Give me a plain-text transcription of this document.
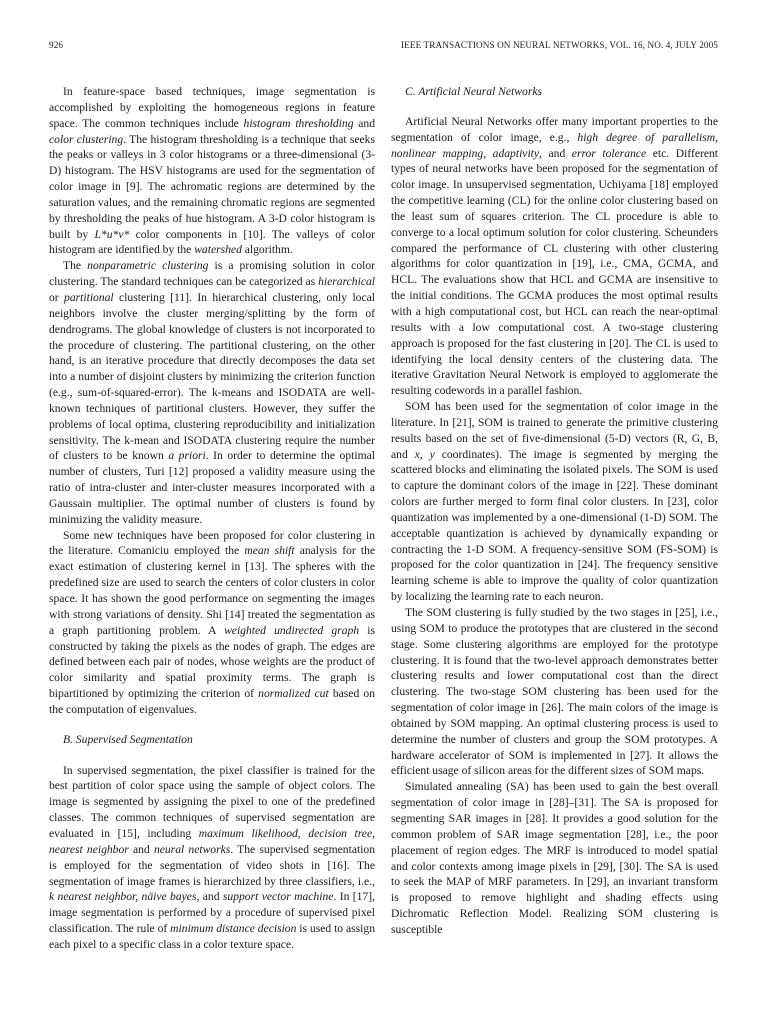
926	IEEE TRANSACTIONS ON NEURAL NETWORKS, VOL. 16, NO. 4, JULY 2005

In feature-space based techniques, image segmentation is accomplished by exploiting the homogeneous regions in feature space. The common techniques include histogram thresholding and color clustering. The histogram thresholding is a technique that seeks the peaks or valleys in 3 color histograms or a three-dimensional (3-D) histogram. The HSV histograms are used for the segmentation of color image in [9]. The achromatic regions are determined by the saturation values, and the remaining chromatic regions are segmented by thresholding the peaks of hue histogram. A 3-D color histogram is built by L*u*v* color components in [10]. The valleys of color histogram are identified by the watershed algorithm.

The nonparametric clustering is a promising solution in color clustering. The standard techniques can be categorized as hierarchical or partitional clustering [11]. In hierarchical clustering, only local neighbors involve the cluster merging/splitting by the form of dendrograms. The global knowledge of clusters is not incorporated to the procedure of clustering. The partitional clustering, on the other hand, is an iterative procedure that directly decomposes the data set into a number of disjoint clusters by minimizing the criterion function (e.g., sum-of-squared-error). The k-means and ISODATA are well-known techniques of partitional clusters. However, they suffer the problems of local optima, clustering reproducibility and initialization sensitivity. The k-mean and ISODATA clustering require the number of clusters to be known a priori. In order to determine the optimal number of clusters, Turi [12] proposed a validity measure using the ratio of intra-cluster and inter-cluster measures incorporated with a Gaussain multiplier. The optimal number of clusters is found by minimizing the validity measure.

Some new techniques have been proposed for color clustering in the literature. Comaniciu employed the mean shift analysis for the exact estimation of clustering kernel in [13]. The spheres with the predefined size are used to search the centers of color clusters in color space. It has shown the good performance on segmenting the images with strong variations of density. Shi [14] treated the segmentation as a graph partitioning problem. A weighted undirected graph is constructed by taking the pixels as the nodes of graph. The edges are defined between each pair of nodes, whose weights are the product of color similarity and spatial proximity terms. The graph is bipartitioned by optimizing the criterion of normalized cut based on the computation of eigenvalues.

B. Supervised Segmentation

In supervised segmentation, the pixel classifier is trained for the best partition of color space using the sample of object colors. The image is segmented by assigning the pixel to one of the predefined classes. The common techniques of supervised segmentation are evaluated in [15], including maximum likelihood, decision tree, nearest neighbor and neural networks. The supervised segmentation is employed for the segmentation of video shots in [16]. The segmentation of image frames is hierarchized by three classifiers, i.e., k nearest neighbor, näive bayes, and support vector machine. In [17], image segmentation is performed by a procedure of supervised pixel classification. The rule of minimum distance decision is used to assign each pixel to a specific class in a color texture space.

C. Artificial Neural Networks

Artificial Neural Networks offer many important properties to the segmentation of color image, e.g., high degree of parallelism, nonlinear mapping, adaptivity, and error tolerance etc. Different types of neural networks have been proposed for the segmentation of color image. In unsupervised segmentation, Uchiyama [18] employed the competitive learning (CL) for the online color clustering based on the least sum of squares criterion. The CL procedure is able to converge to a local optimum solution for color clustering. Scheunders compared the performance of CL clustering with other clustering algorithms for color quantization in [19], i.e., CMA, GCMA, and HCL. The evaluations show that HCL and GCMA are insensitive to the initial conditions. The GCMA produces the most optimal results with a high computational cost, but HCL can reach the near-optimal results with a low computational cost. A two-stage clustering approach is proposed for the fast clustering in [20]. The CL is used to identifying the local density centers of the clustering data. The iterative Gravitation Neural Network is employed to agglomerate the resulting codewords in a parallel fashion.

SOM has been used for the segmentation of color image in the literature. In [21], SOM is trained to generate the primitive clustering results based on the set of five-dimensional (5-D) vectors (R, G, B, and x, y coordinates). The image is segmented by merging the scattered blocks and eliminating the isolated pixels. The SOM is used to capture the dominant colors of the image in [22]. These dominant colors are further merged to form final color clusters. In [23], color quantization was implemented by a one-dimensional (1-D) SOM. The acceptable quantization is achieved by dynamically expanding or contracting the 1-D SOM. A frequency-sensitive SOM (FS-SOM) is proposed for the color quantization in [24]. The frequency sensitive learning scheme is able to improve the quality of color quantization by localizing the learning rate to each neuron.

The SOM clustering is fully studied by the two stages in [25], i.e., using SOM to produce the prototypes that are clustered in the second stage. Some clustering algorithms are employed for the prototype clustering. It is found that the two-level approach demonstrates better clustering results and lower computational cost than the direct clustering. The two-stage SOM clustering has been used for the segmentation of color image in [26]. The main colors of the image is obtained by SOM mapping. An optimal clustering process is used to determine the number of clusters and group the SOM prototypes. A hardware accelerator of SOM is implemented in [27]. It allows the efficient usage of silicon areas for the different sizes of SOM maps.

Simulated annealing (SA) has been used to gain the best overall segmentation of color image in [28]–[31]. The SA is proposed for segmenting SAR images in [28]. It provides a good solution for the common problem of SAR image segmentation [28], i.e., the poor placement of region edges. The MRF is introduced to model spatial and color contexts among image pixels in [29], [30]. The SA is used to seek the MAP of MRF parameters. In [29], an invariant transform is proposed to remove highlight and shading effects using Dichromatic Reflection Model. Realizing SOM clustering is susceptible
